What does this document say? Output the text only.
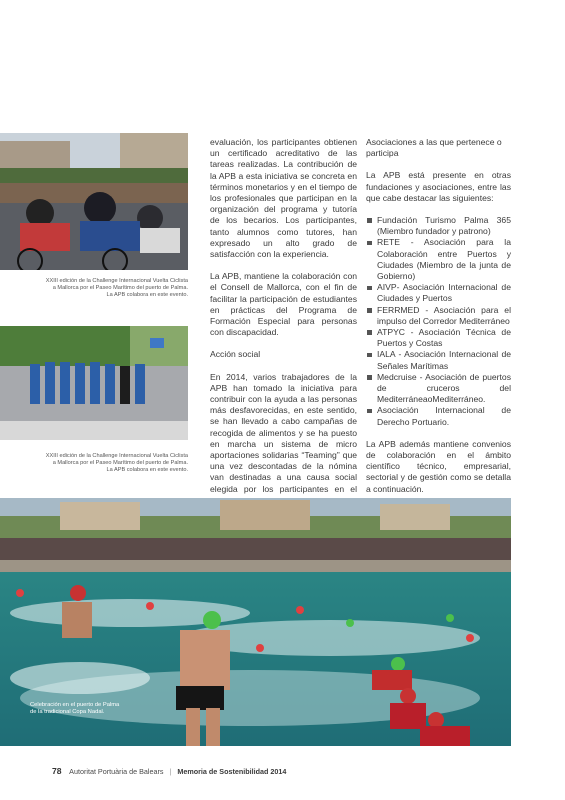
XXIII edición de la Challenge Internacional Vuelta Ciclista
a Mallorca por el Paseo Marítimo del puerto de Palma.
La APB colabora en este evento.
XXIII edición de la Challenge Internacional Vuelta Ciclista
a Mallorca por el Paseo Marítimo del puerto de Palma.
La APB colabora en este evento.

evaluación, los participantes obtienen un certificado acreditativo de las tareas realizadas. La contribución de la APB a esta iniciativa se concreta en términos monetarios y en el tiempo de los profesionales que participan en la organización del programa y tutoría de los becarios. Los participantes, tanto alumnos como tutores, han expresado un alto grado de satisfacción con la experiencia.

La APB, mantiene la colaboración con el Consell de Mallorca, con el fin de facilitar la participación de estudiantes en prácticas del Programa de Formación Especial para personas con discapacidad.

Acción social

En 2014, varios trabajadores de la APB han tomado la iniciativa para contribuir con la ayuda a las personas más desfavorecidas, en este sentido, se han llevado a cabo campañas de recogida de alimentos y se ha puesto en marcha un sistema de micro aportaciones solidarias “Teaming” que una vez descontadas de la nómina van destinadas a una causa social elegida por los participantes en el

Asociaciones a las que pertenece o participa

La APB está presente en otras fundaciones y asociaciones, entre las que cabe destacar las siguientes:

Fundación Turismo Palma 365 (Miembro fundador y patrono)
RETE - Asociación para la Colaboración entre Puertos y Ciudades (Miembro de la junta de Gobierno)
AIVP- Asociación Internacional de Ciudades y Puertos
FERRMED - Asociación para el impulso del Corredor Mediterráneo
ATPYC - Asociación Técnica de Puertos y Costas
IALA - Asociación Internacional de Señales Marítimas
Medcruise - Asociación de puertos de cruceros del MediterráneaoMediterráneo.
Asociación Internacional de Derecho Portuario.

La APB además mantiene convenios de colaboración en el ámbito científico técnico, empresarial, sectorial y de gestión como se detalla a continuación.

Celebración en el puerto de Palma
de la tradicional Copa Nadal.
78 Autoritat Portuària de Balears | Memoria de Sostenibilidad 2014
